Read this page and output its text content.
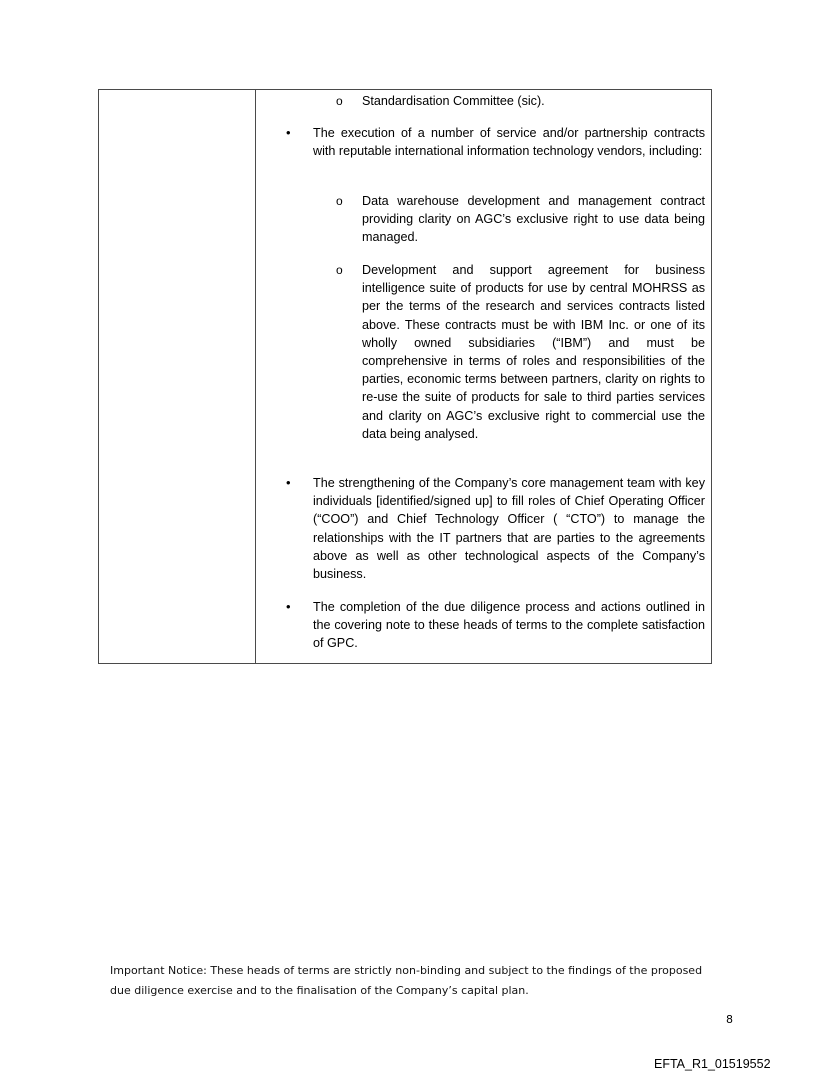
o Standardisation Committee (sic).
• The execution of a number of service and/or partnership contracts with reputable international information technology vendors, including:
o Data warehouse development and management contract providing clarity on AGC’s exclusive right to use data being managed.
o Development and support agreement for business intelligence suite of products for use by central MOHRSS as per the terms of the research and services contracts listed above. These contracts must be with IBM Inc. or one of its wholly owned subsidiaries (“IBM”) and must be comprehensive in terms of roles and responsibilities of the parties, economic terms between partners, clarity on rights to re-use the suite of products for sale to third parties services and clarity on AGC’s exclusive right to commercial use the data being analysed.
• The strengthening of the Company’s core management team with key individuals [identified/signed up] to fill roles of Chief Operating Officer (“COO”) and Chief Technology Officer ( “CTO”) to manage the relationships with the IT partners that are parties to the agreements above as well as other technological aspects of the Company’s business.
• The completion of the due diligence process and actions outlined in the covering note to these heads of terms to the complete satisfaction of GPC.
Important Notice: These heads of terms are strictly non-binding and subject to the findings of the proposed due diligence exercise and to the finalisation of the Company’s capital plan.
8
EFTA_R1_01519552
